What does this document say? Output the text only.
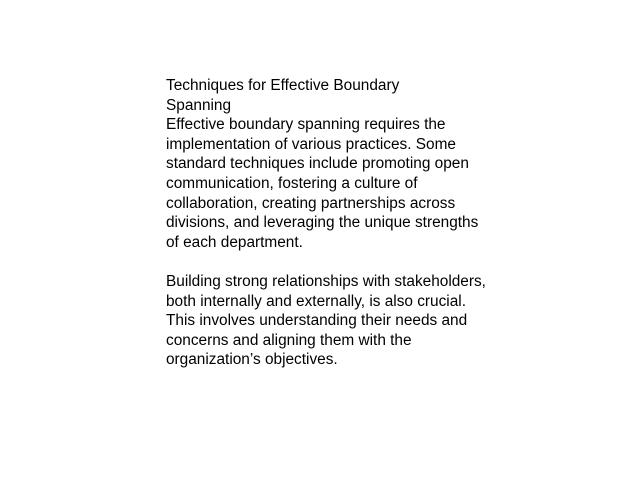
Techniques for Effective Boundary Spanning

Effective boundary spanning requires the implementation of various practices. Some standard techniques include promoting open communication, fostering a culture of collaboration, creating partnerships across divisions, and leveraging the unique strengths of each department.

Building strong relationships with stakeholders, both internally and externally, is also crucial. This involves understanding their needs and concerns and aligning them with the organization’s objectives.
